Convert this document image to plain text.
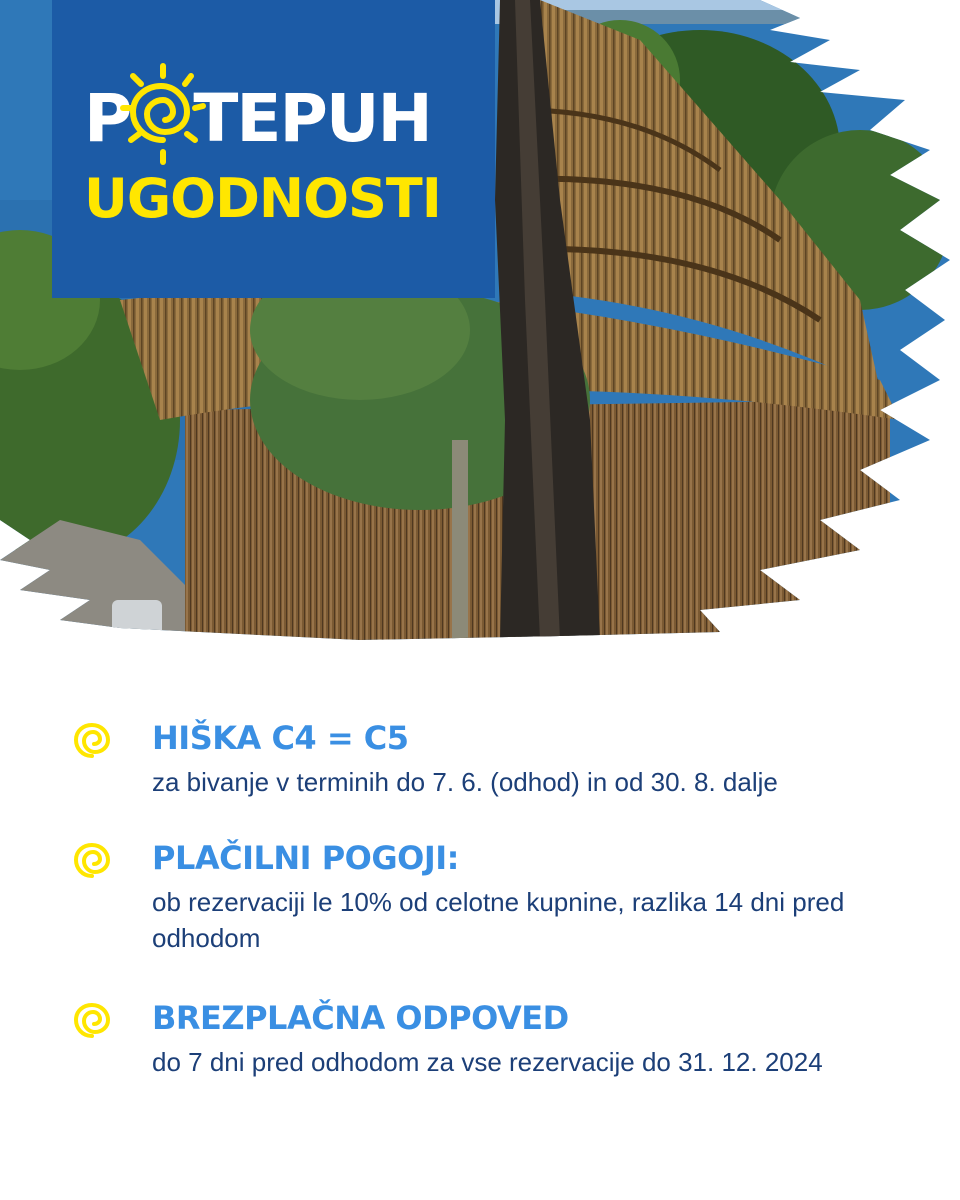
P TEPUH
UGODNOSTI
HIŠKA C4 = C5
za bivanje v terminih do 7. 6. (odhod) in od 30. 8. dalje
PLAČILNI POGOJI:
ob rezervaciji le 10% od celotne kupnine, razlika 14 dni pred odhodom
BREZPLAČNA ODPOVED
do 7 dni pred odhodom za vse rezervacije do 31. 12. 2024
